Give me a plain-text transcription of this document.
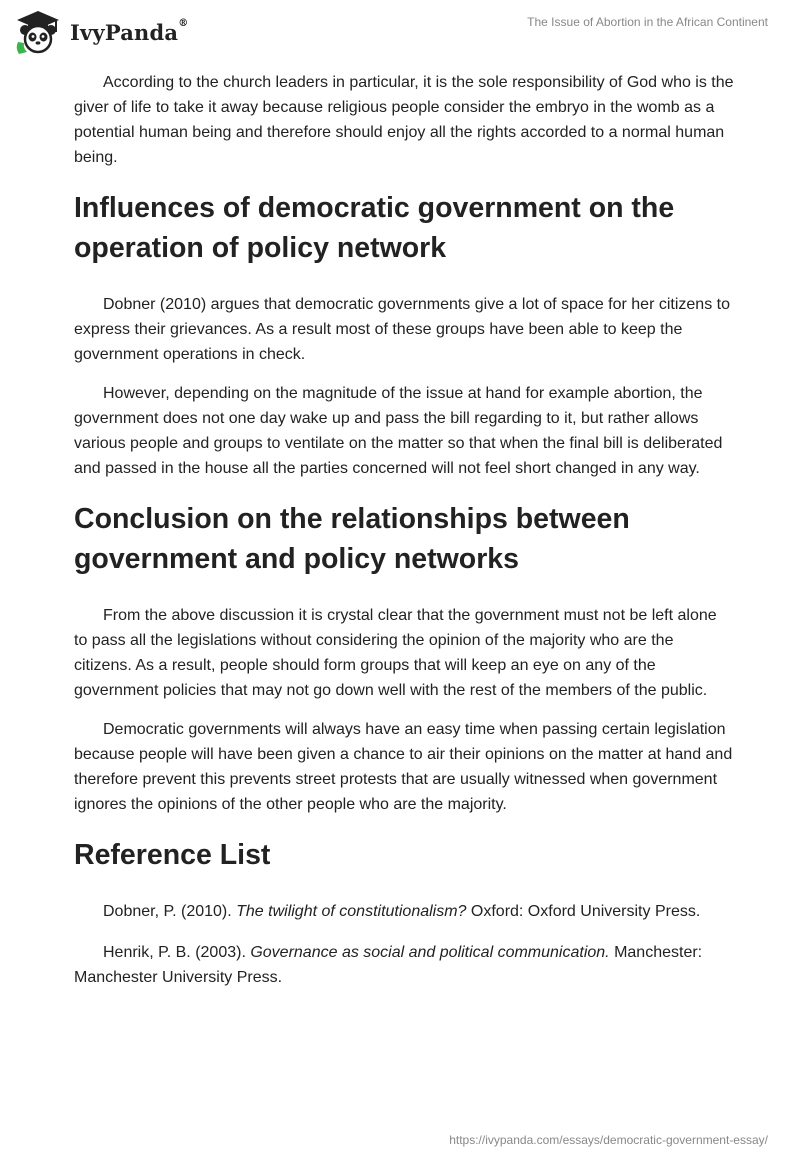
IvyPanda®	The Issue of Abortion in the African Continent

According to the church leaders in particular, it is the sole responsibility of God who is the giver of life to take it away because religious people consider the embryo in the womb as a potential human being and therefore should enjoy all the rights accorded to a normal human being.

Influences of democratic government on the operation of policy network

Dobner (2010) argues that democratic governments give a lot of space for her citizens to express their grievances. As a result most of these groups have been able to keep the government operations in check.

However, depending on the magnitude of the issue at hand for example abortion, the government does not one day wake up and pass the bill regarding to it, but rather allows various people and groups to ventilate on the matter so that when the final bill is deliberated and passed in the house all the parties concerned will not feel short changed in any way.

Conclusion on the relationships between government and policy networks

From the above discussion it is crystal clear that the government must not be left alone to pass all the legislations without considering the opinion of the majority who are the citizens. As a result, people should form groups that will keep an eye on any of the government policies that may not go down well with the rest of the members of the public.

Democratic governments will always have an easy time when passing certain legislation because people will have been given a chance to air their opinions on the matter at hand and therefore prevent this prevents street protests that are usually witnessed when government ignores the opinions of the other people who are the majority.

Reference List

Dobner, P. (2010). The twilight of constitutionalism? Oxford: Oxford University Press.

Henrik, P. B. (2003). Governance as social and political communication. Manchester: Manchester University Press.

https://ivypanda.com/essays/democratic-government-essay/
